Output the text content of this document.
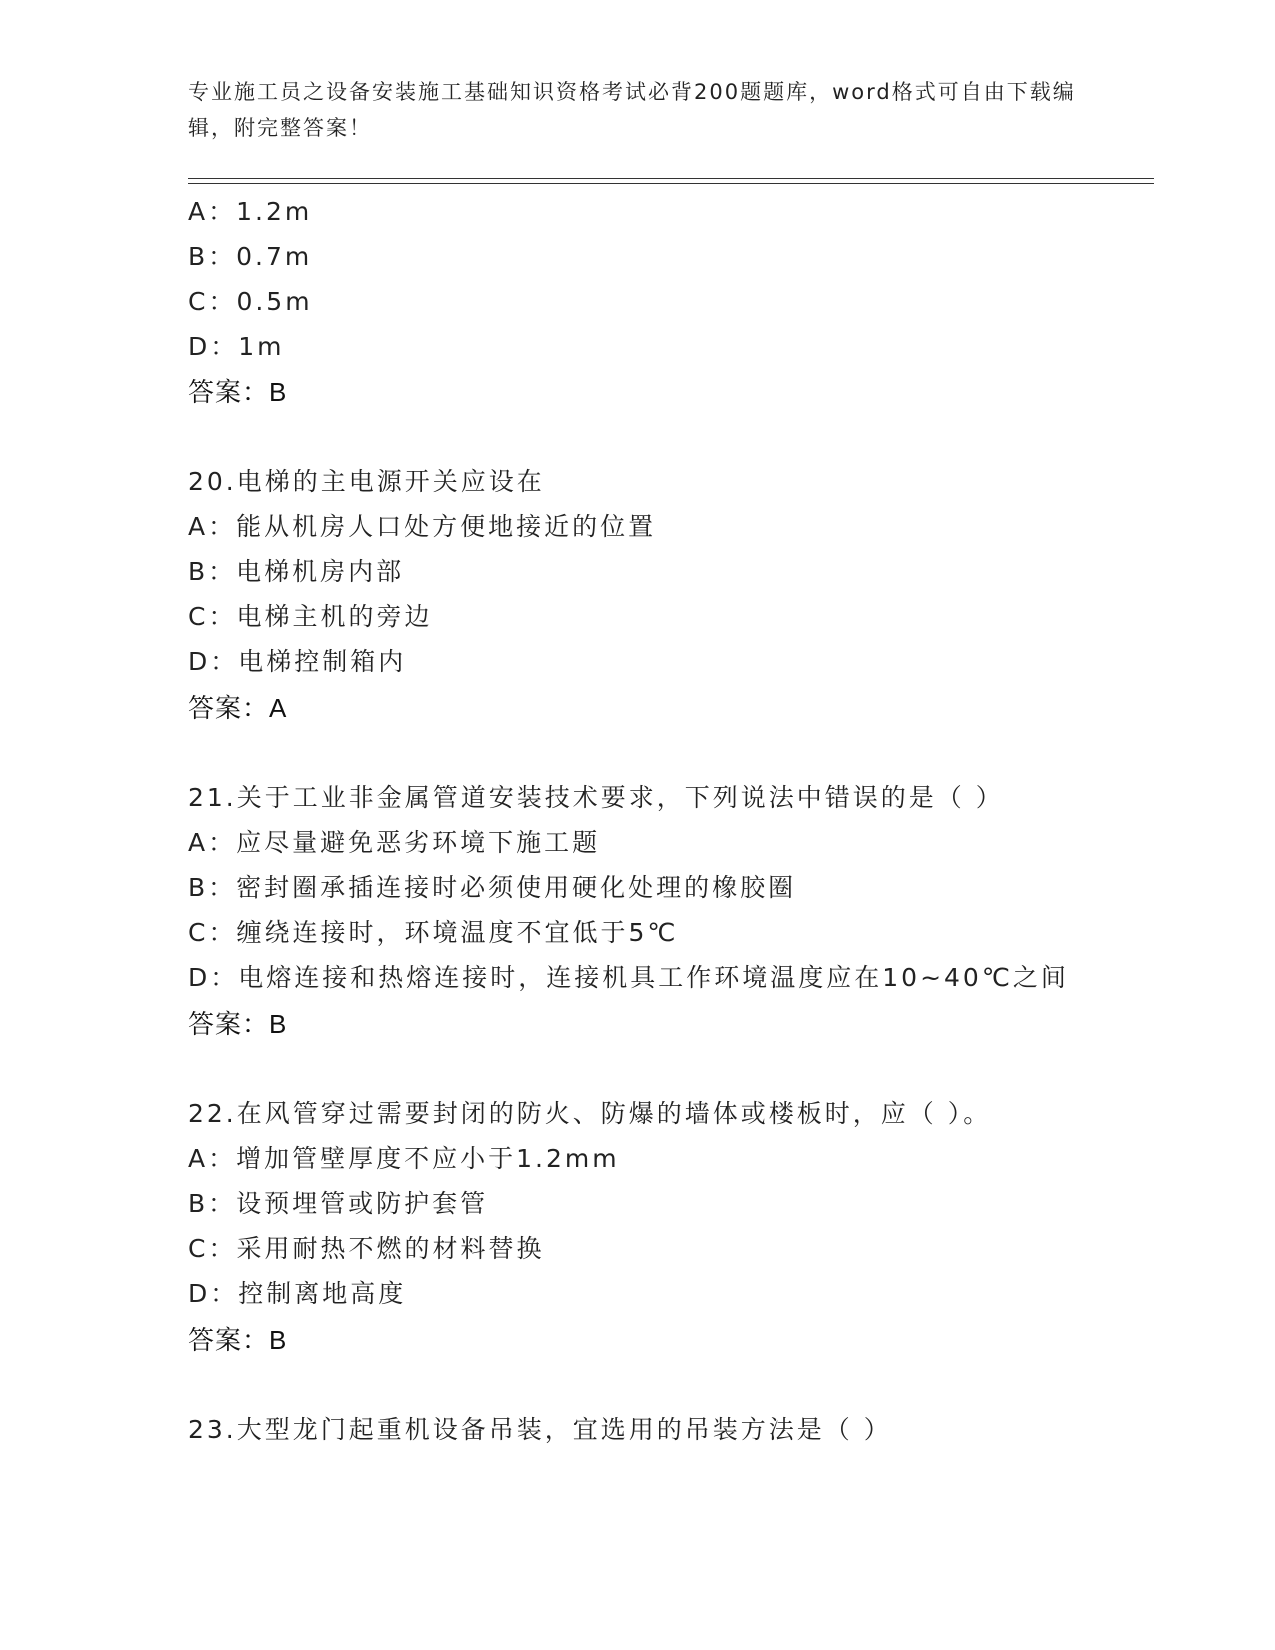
专业施工员之设备安装施工基础知识资格考试必背200题题库，word格式可自由下载编辑，附完整答案！
A：1.2m
B：0.7m
C：0.5m
D：1m
答案：B
20.电梯的主电源开关应设在
A：能从机房人口处方便地接近的位置
B：电梯机房内部
C：电梯主机的旁边
D：电梯控制箱内
答案：A
21.关于工业非金属管道安装技术要求，下列说法中错误的是（ ）
A：应尽量避免恶劣环境下施工题
B：密封圈承插连接时必须使用硬化处理的橡胶圈
C：缠绕连接时，环境温度不宜低于5℃
D：电熔连接和热熔连接时，连接机具工作环境温度应在10~40℃之间
答案：B
22.在风管穿过需要封闭的防火、防爆的墙体或楼板时，应（ ）。
A：增加管壁厚度不应小于1.2mm
B：设预埋管或防护套管
C：采用耐热不燃的材料替换
D：控制离地高度
答案：B
23.大型龙门起重机设备吊装，宜选用的吊装方法是（ ）
